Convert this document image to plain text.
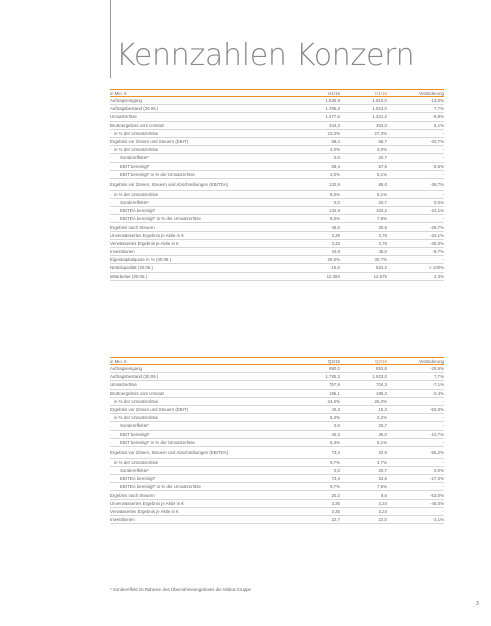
Kennzahlen Konzern
in Mio. €	H1/15	H1/16	Veränderung
Auftragseingang	1.636,9	1.610,0	-13,0%
Auftragsbestand (30.06.)	1.785,3	1.923,0	7,7%
Umsatzerlöse	1.477,6	1.331,2	-9,8%
Bruttoergebnis vom Umsatz	344,3	363,0	5,1%
in % der Umsatzerlöse	23,3%	27,3%	-
Ergebnis vor Zinsen und Steuern (EBIT)	58,4	66,7	-33,7%
in % der Umsatzerlöse	4,0%	3,0%	-
Sondereffekte*	0,0	20,7	-
EBIT bereinigt*	58,4	57,6	-5,5%
EBIT bereinigt* in % der Umsatzerlöse	4,0%	5,1%	-
Ergebnis vor Zinsen, Steuern und Abschreibungen (EBITDA)	132,9	85,0	-38,7%
in % der Umsatzerlöse	9,0%	6,1%	-
Sondereffekte*	0,0	20,7	0,0%
EBITDA bereinigt*	132,9	102,2	-23,1%
EBITDA bereinigt* in % der Umsatzerlöse	9,0%	7,9%	-
Ergebnis nach Steuern	45,5	30,6	-35,7%
Unverwässertes Ergebnis je Aktie in €	3,29	3,78	-34,1%
Verwässertes Ergebnis je Aktie in €	3,33	3,78	-35,0%
Investitionen	44,9	45,0	-8,7%
Eigenkapitalquote in % (30.06.)	29,5%	30,7%	-
Nettoliquidität (30.06.)	-16,5	522,2	> 100%
Mitarbeiter (30.06.)	12.384	12.675	2,3%
in Mio. €	Q2/15	Q2/16	Veränderung
Auftragseingang	690,0	853,6	-28,6%
Auftragsbestand (30.06.)	1.785,3	1.923,0	7,7%
Umsatzerlöse	757,6	704,3	-7,1%
Bruttoergebnis vom Umsatz	186,1	185,3	-0,4%
in % der Umsatzerlöse	24,6%	26,3%	-
Ergebnis vor Zinsen und Steuern (EBIT)	40,3	15,3	-62,0%
in % der Umsatzerlöse	5,3%	2,2%	-
Sondereffekte*	0,0	20,7	-
EBIT bereinigt*	40,3	36,0	-10,7%
EBIT bereinigt* in % der Umsatzerlöse	5,3%	5,1%	-
Ergebnis vor Zinsen, Steuern und Abschreibungen (EBITDA)	73,4	32,9	-55,2%
in % der Umsatzerlöse	9,7%	4,7%	-
Sondereffekte*	0,0	20,7	0,0%
EBITDA bereinigt*	73,4	53,6	-27,0%
EBITDA bereinigt* in % der Umsatzerlöse	9,7%	7,6%	-
Ergebnis nach Steuern	20,2	9,5	-53,0%
Unverwässertes Ergebnis je Aktie in €	3,35	3,24	-48,0%
Verwässertes Ergebnis je Aktie in €	3,35	3,24	-
Investitionen	22,7	22,0	-3,1%
* Sondereffekt im Rahmen des Übernahmeangebotes der Midea Gruppe
3
